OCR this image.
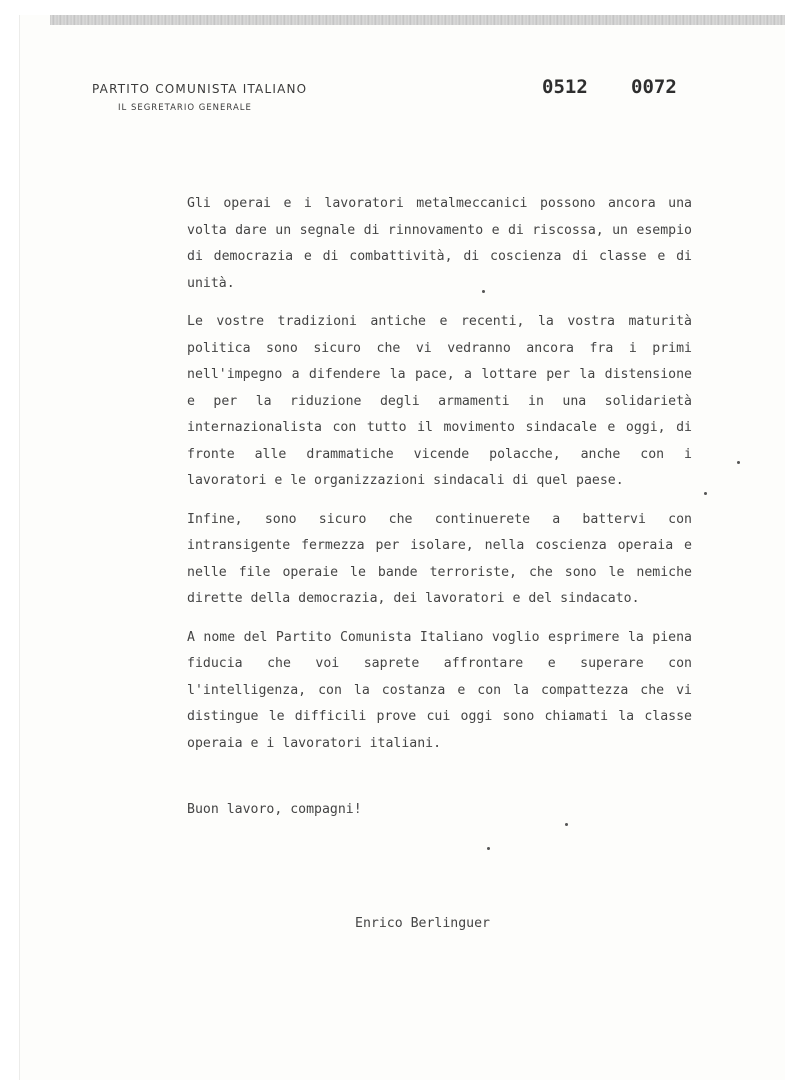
PARTITO COMUNISTA ITALIANO

IL SEGRETARIO GENERALE

0512 0072

Gli operai e i lavoratori metalmeccanici possono ancora una volta dare un segnale di rinnovamento e di riscossa, un esempio di democrazia e di combattività, di coscienza di classe e di unità.

Le vostre tradizioni antiche e recenti, la vostra maturità politica sono sicuro che vi vedranno ancora fra i primi nell'impegno a difendere la pace, a lottare per la distensione e per la riduzione degli armamenti in una solidarietà internazionalista con tutto il movimento sindacale e oggi, di fronte alle drammatiche vicende polacche, anche con i lavoratori e le organizzazioni sindacali di quel paese.

Infine, sono sicuro che continuerete a battervi con intransigente fermezza per isolare, nella coscienza operaia e nelle file operaie le bande terroriste, che sono le nemiche dirette della democrazia, dei lavoratori e del sindacato.

A nome del Partito Comunista Italiano voglio esprimere la piena fiducia che voi saprete affrontare e superare con l'intelligenza, con la costanza e con la compattezza che vi distingue le difficili prove cui oggi sono chiamati la classe operaia e i lavoratori italiani.

Buon lavoro, compagni!
Enrico Berlinguer
